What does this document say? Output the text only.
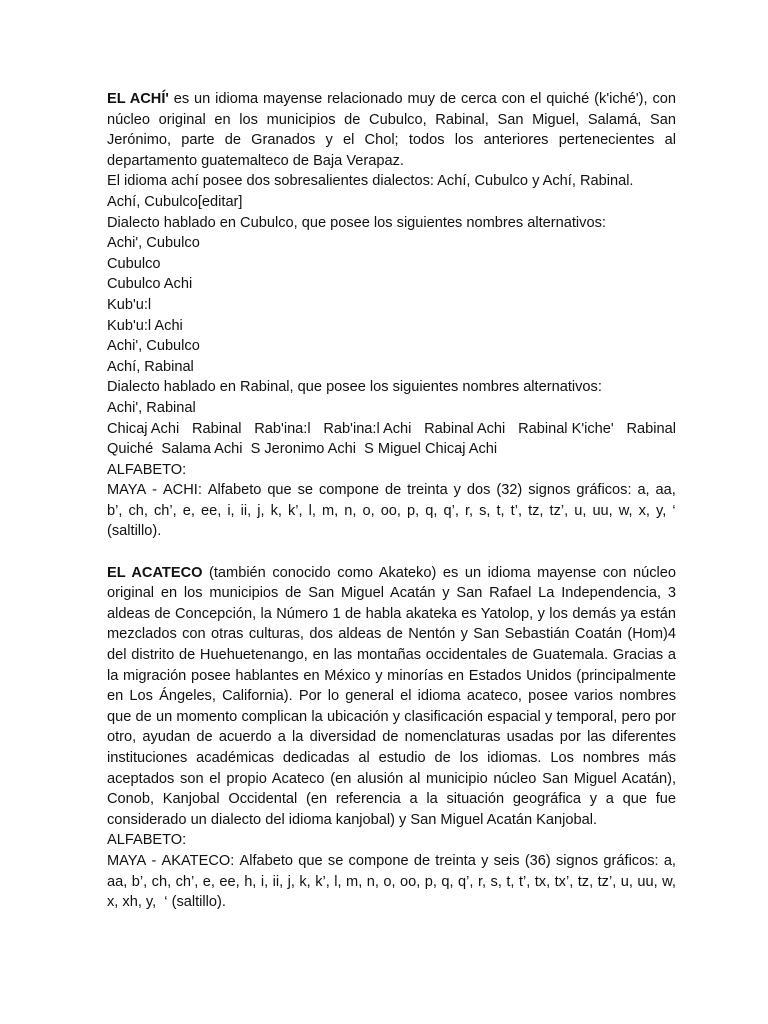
EL ACHÍ' es un idioma mayense relacionado muy de cerca con el quiché (k'iché'), con núcleo original en los municipios de Cubulco, Rabinal, San Miguel, Salamá, San Jerónimo, parte de Granados y el Chol; todos los anteriores pertenecientes al departamento guatemalteco de Baja Verapaz.

El idioma achí posee dos sobresalientes dialectos: Achí, Cubulco y Achí, Rabinal.
Achí, Cubulco[editar]
Dialecto hablado en Cubulco, que posee los siguientes nombres alternativos:
Achi', Cubulco
Cubulco
Cubulco Achi
Kub'u:l
Kub'u:l Achi
Achi', Cubulco
Achí, Rabinal
Dialecto hablado en Rabinal, que posee los siguientes nombres alternativos:
Achi', Rabinal
Chicaj Achi Rabinal Rab'ina:l Rab'ina:l Achi Rabinal Achi Rabinal K'iche' Rabinal
Quiché  Salama Achi  S Jeronimo Achi  S Miguel Chicaj Achi
ALFABETO:
MAYA - ACHI: Alfabeto que se compone de treinta y dos (32) signos gráficos: a, aa,
b’, ch, ch’, e, ee, i, ii, j, k, k’, l, m, n, o, oo, p, q, q’, r, s, t, t’, tz, tz’, u, uu, w, x, y, ‘
(saltillo).

EL ACATECO (también conocido como Akateko) es un idioma mayense con núcleo original en los municipios de San Miguel Acatán y San Rafael La Independencia, 3 aldeas de Concepción, la Número 1 de habla akateka es Yatolop, y los demás ya están mezclados con otras culturas, dos aldeas de Nentón y San Sebastián Coatán (Hom)4 del distrito de Huehuetenango, en las montañas occidentales de Guatemala. Gracias a la migración posee hablantes en México y minorías en Estados Unidos (principalmente en Los Ángeles, California). Por lo general el idioma acateco, posee varios nombres que de un momento complican la ubicación y clasificación espacial y temporal, pero por otro, ayudan de acuerdo a la diversidad de nomenclaturas usadas por las diferentes instituciones académicas dedicadas al estudio de los idiomas. Los nombres más aceptados son el propio Acateco (en alusión al municipio núcleo San Miguel Acatán), Conob, Kanjobal Occidental (en referencia a la situación geográfica y a que fue considerado un dialecto del idioma kanjobal) y San Miguel Acatán Kanjobal.

ALFABETO:
MAYA - AKATECO: Alfabeto que se compone de treinta y seis (36) signos gráficos: a,
aa, b’, ch, ch’, e, ee, h, i, ii, j, k, k’, l, m, n, o, oo, p, q, q’, r, s, t, t’, tx, tx’, tz, tz’, u, uu, w,
x, xh, y,  ‘ (saltillo).
